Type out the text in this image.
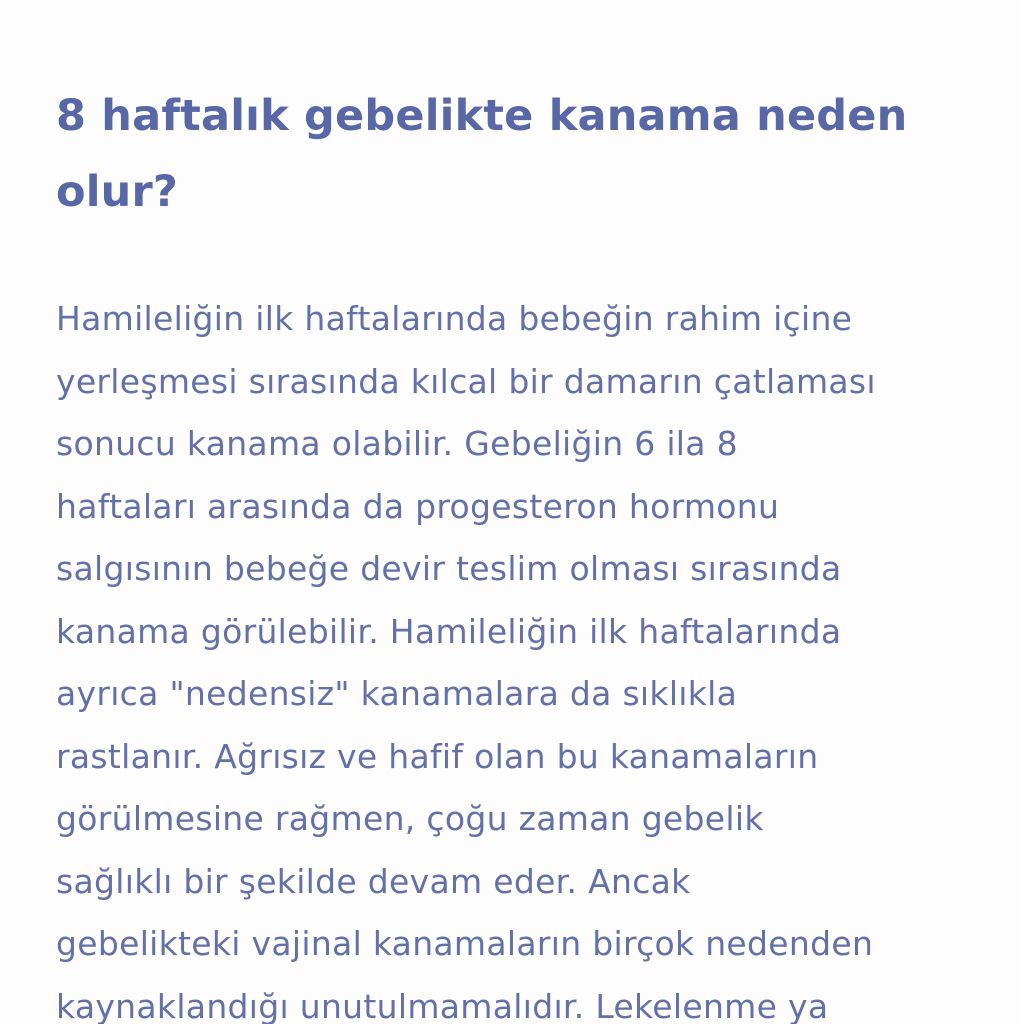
8 haftalık gebelikte kanama neden olur?

Hamileliğin ilk haftalarında bebeğin rahim içine
yerleşmesi sırasında kılcal bir damarın çatlaması
sonucu kanama olabilir. Gebeliğin 6 ila 8
haftaları arasında da progesteron hormonu
salgısının bebeğe devir teslim olması sırasında
kanama görülebilir. Hamileliğin ilk haftalarında
ayrıca "nedensiz" kanamalara da sıklıkla
rastlanır. Ağrısız ve hafif olan bu kanamaların
görülmesine rağmen, çoğu zaman gebelik
sağlıklı bir şekilde devam eder. Ancak
gebelikteki vajinal kanamaların birçok nedenden
kaynaklandığı unutulmamalıdır. Lekelenme ya
